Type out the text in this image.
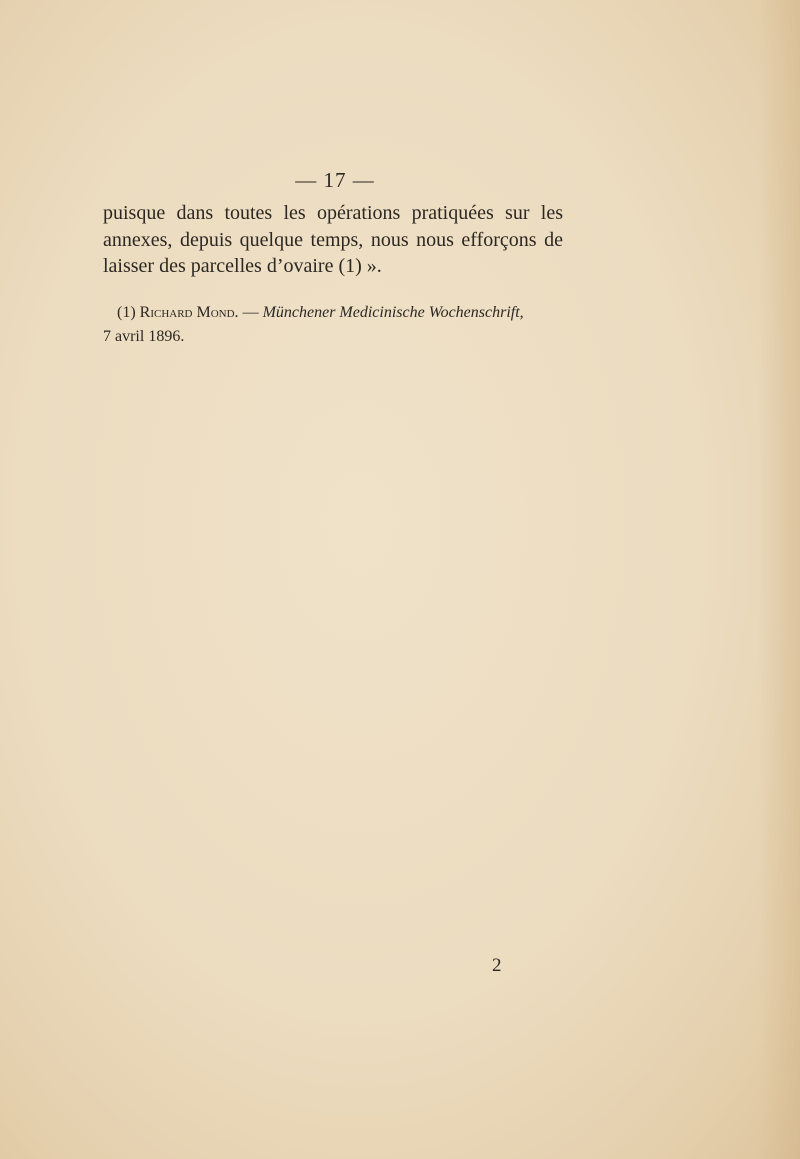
— 17 —
puisque dans toutes les opérations pratiquées sur les
annexes, depuis quelque temps, nous nous efforçons de
laisser des parcelles d’ovaire (1) ».
(1) Richard Mond. — Münchener Medicinische Wochenschrift,
7 avril 1896.
2
